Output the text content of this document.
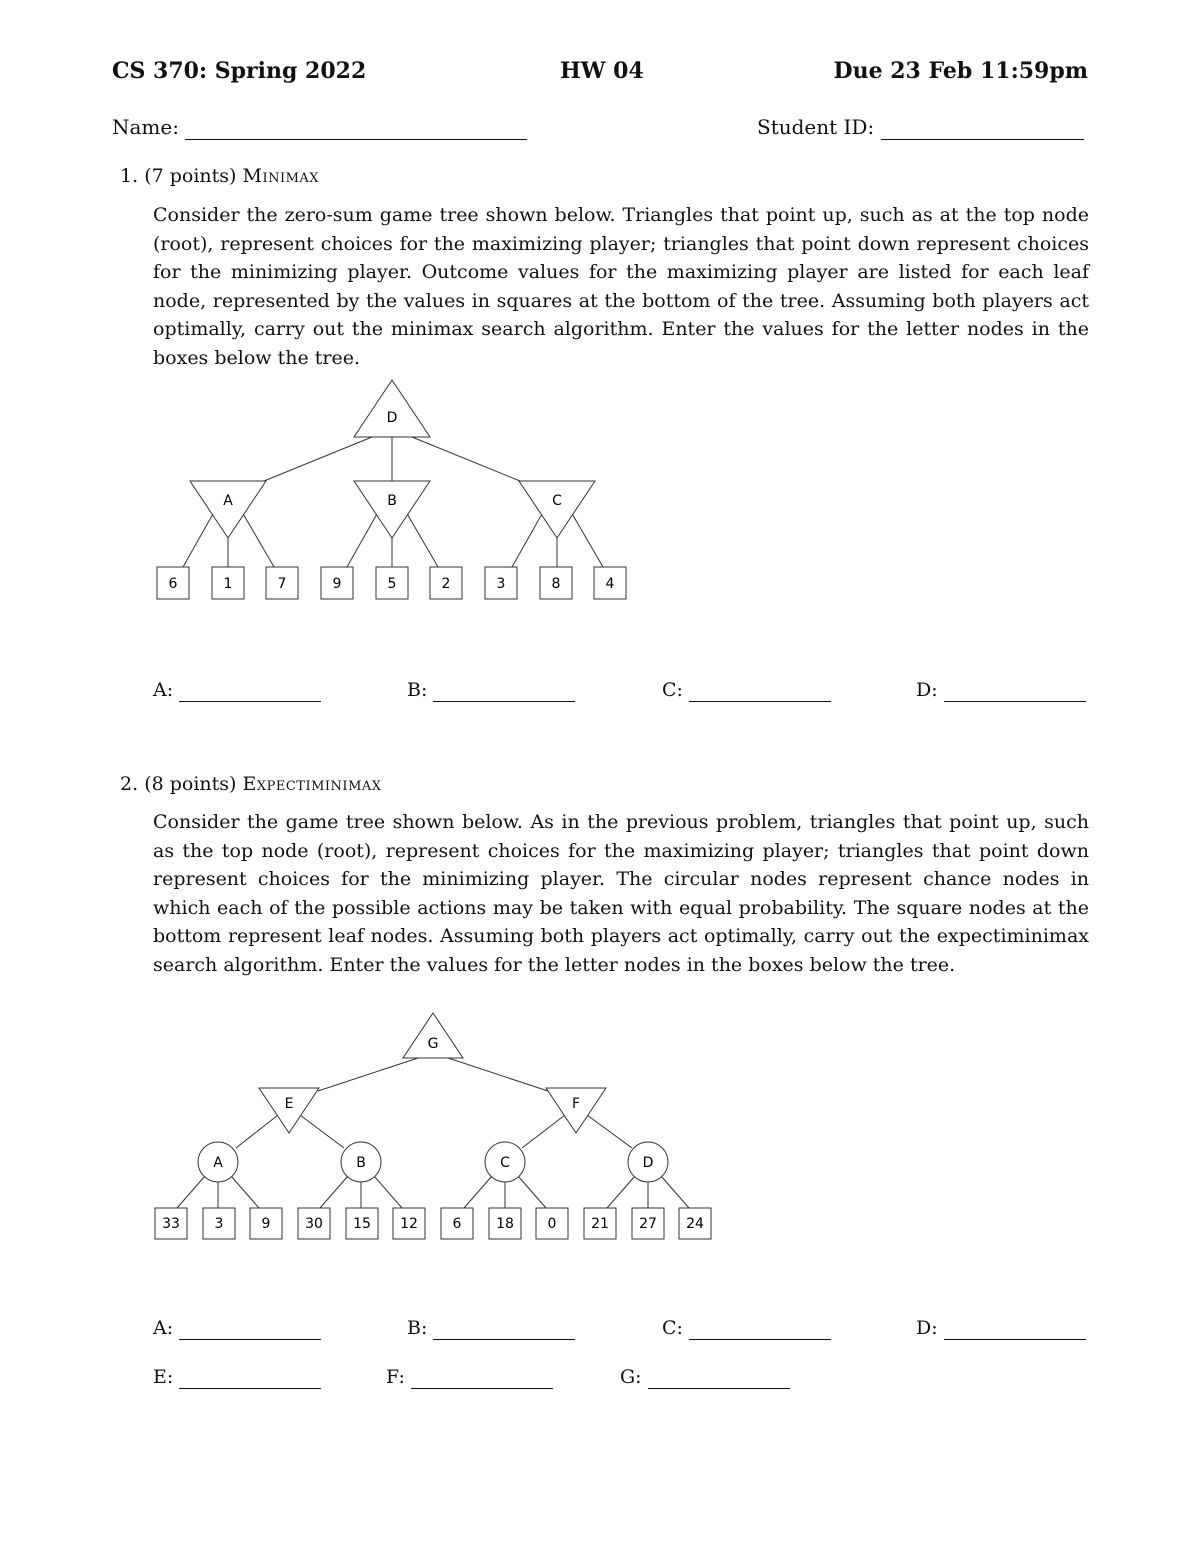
CS 370: Spring 2022	HW 04	Due 23 Feb 11:59pm
Name:	Student ID:
1. (7 points) Minimax
Consider the zero-sum game tree shown below. Triangles that point up, such as at the top node (root), represent choices for the maximizing player; triangles that point down represent choices for the minimizing player. Outcome values for the maximizing player are listed for each leaf node, represented by the values in squares at the bottom of the tree. Assuming both players act optimally, carry out the minimax search algorithm. Enter the values for the letter nodes in the boxes below the tree.
D
A	B	C
6	1	7	9	5	2	3	8	4
G
E	F
A	B	C	D
33 3	9 30 15 12 6 18 0 21 27 24
A:	B:	C:	D:
2. (8 points) Expectiminimax
Consider the game tree shown below. As in the previous problem, triangles that point up, such as the top node (root), represent choices for the maximizing player; triangles that point down represent choices for the minimizing player. The circular nodes represent chance nodes in which each of the possible actions may be taken with equal probability. The square nodes at the bottom represent leaf nodes. Assuming both players act optimally, carry out the expectiminimax search algorithm. Enter the values for the letter nodes in the boxes below the tree.
A:	B:	C:	D:
E:	F:	G:
